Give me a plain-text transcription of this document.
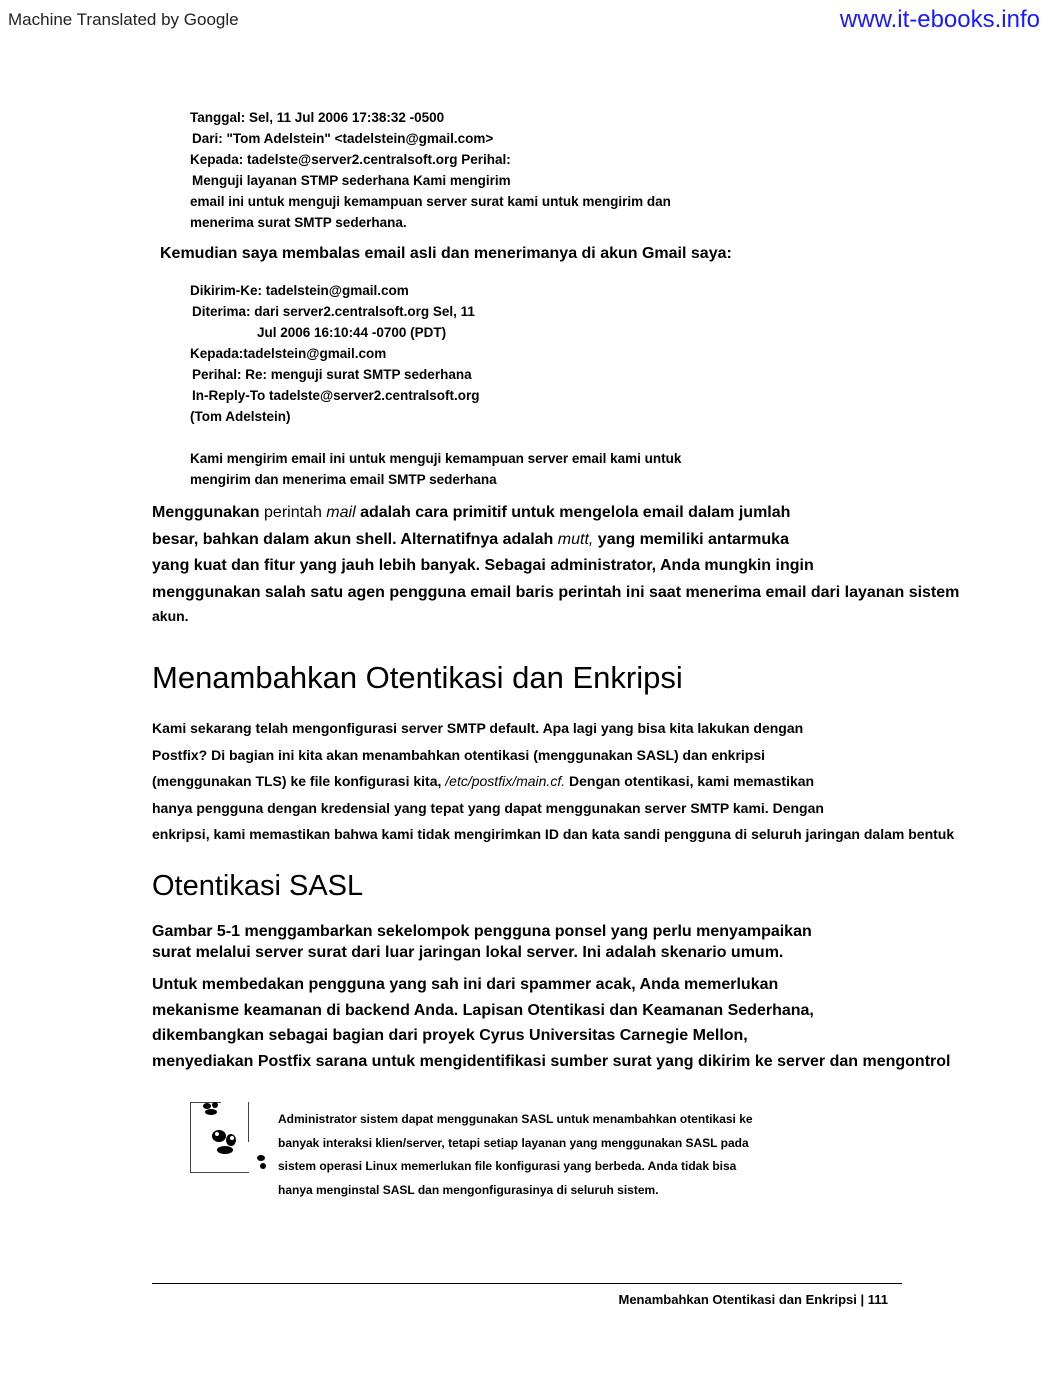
Machine Translated by Google	www.it-ebooks.info
Tanggal: Sel, 11 Jul 2006 17:38:32 -0500
Dari: "Tom Adelstein" <tadelstein@gmail.com>
Kepada: tadelste@server2.centralsoft.org Perihal:
Menguji layanan STMP sederhana Kami mengirim
email ini untuk menguji kemampuan server surat kami untuk mengirim dan
menerima surat SMTP sederhana.
Kemudian saya membalas email asli dan menerimanya di akun Gmail saya:
Dikirim-Ke: tadelstein@gmail.com
Diterima: dari server2.centralsoft.org Sel, 11
Jul 2006 16:10:44 -0700 (PDT)
Kepada:tadelstein@gmail.com
Perihal: Re: menguji surat SMTP sederhana
In-Reply-To tadelste@server2.centralsoft.org
(Tom Adelstein)
Kami mengirim email ini untuk menguji kemampuan server email kami untuk
mengirim dan menerima email SMTP sederhana
Menggunakan perintah mail adalah cara primitif untuk mengelola email dalam jumlah
besar, bahkan dalam akun shell. Alternatifnya adalah mutt, yang memiliki antarmuka
yang kuat dan fitur yang jauh lebih banyak. Sebagai administrator, Anda mungkin ingin
menggunakan salah satu agen pengguna email baris perintah ini saat menerima email dari layanan sistem
akun.
Menambahkan Otentikasi dan Enkripsi
Kami sekarang telah mengonfigurasi server SMTP default. Apa lagi yang bisa kita lakukan dengan
Postfix? Di bagian ini kita akan menambahkan otentikasi (menggunakan SASL) dan enkripsi
(menggunakan TLS) ke file konfigurasi kita, /etc/postfix/main.cf. Dengan otentikasi, kami memastikan
hanya pengguna dengan kredensial yang tepat yang dapat menggunakan server SMTP kami. Dengan
enkripsi, kami memastikan bahwa kami tidak mengirimkan ID dan kata sandi pengguna di seluruh jaringan dalam bentuk
Otentikasi SASL
Gambar 5-1 menggambarkan sekelompok pengguna ponsel yang perlu menyampaikan
surat melalui server surat dari luar jaringan lokal server. Ini adalah skenario umum.
Untuk membedakan pengguna yang sah ini dari spammer acak, Anda memerlukan
mekanisme keamanan di backend Anda. Lapisan Otentikasi dan Keamanan Sederhana,
dikembangkan sebagai bagian dari proyek Cyrus Universitas Carnegie Mellon,
menyediakan Postfix sarana untuk mengidentifikasi sumber surat yang dikirim ke server dan mengontrol
Administrator sistem dapat menggunakan SASL untuk menambahkan otentikasi ke
banyak interaksi klien/server, tetapi setiap layanan yang menggunakan SASL pada
sistem operasi Linux memerlukan file konfigurasi yang berbeda. Anda tidak bisa
hanya menginstal SASL dan mengonfigurasinya di seluruh sistem.
Menambahkan Otentikasi dan Enkripsi | 111
